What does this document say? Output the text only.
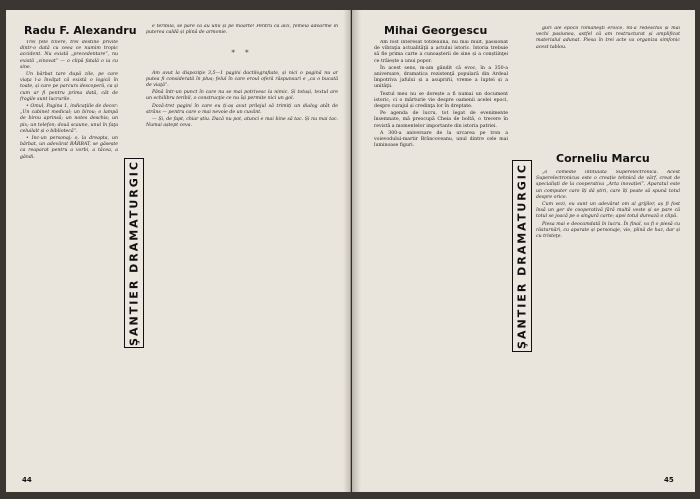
Radu F. Alexandru

Trei fete tinere, trei destine privite dintr-o dată cu ceea ce numim tropic accident. Nu există „precedentare”, nu există „vinovat” — o clipă fatală o ia cu sine.

Un bărbat tare după zile, pe care viaţa l-a învăţat că există o logică în toate, și care pe parcurs descoperă, ca și cum ar fi pentru prima dată, cât de fragile sunt lucrurile.

• Omul, Pagina 1, indicaţiile de decor: „Un cabinet medical; un birou; o lampă de birou aprinsă; un notes deschis; un pix; un telefon; două scaune, unul în faţa celuilalt și o bibliotecă”.

• Inc-un personaj: o, la dreapta, un bărbat, un adevărat BĂRBAT, se găsește ca reaparat pentru a vorbi, a tăcea, a gândi.

ŞANTIER DRAMATURGIC

e teribilă, se pare că au unii și pe moarte! Pentru că aici, femeia adoarme în puterea caldă și plină de armonie.

* *

Am avut la dispoziţie 3,5—1 pagini dactilografiate, și nici o pagină nu ar putea fi considerată în plus; felul în care eroul oferă răspunsuri e „ca o bucată de viaţă”.

Până într-un punct în care nu se mai potrivesc la nimic. Și totuși, textul are un echilibru teribil, o construcţie ce nu își permite nici un gol.

Doză-tret pagini în care eu ți-aș avut prilejul să trimiți un dialog atât de strâns — pentru care o mai nevoie de un cuvânt.

— Și, de fapt, chiar știu. Dacă nu pot, atunci e mai bine să tac. Și nu mai tac. Numai aștept ceva.

44
Mihai Georgescu

Am fost interesat totdeauna, nu mai mult, passionat de vibraţia actualităţii a actului istoric. Istoria trebuie să fie prima carte a cunoașterii de sine și a conștiinţei ce trăiește a unui popor.

În acest sens, m-am gândit că evoc, în a 350-a aniversare, dramatica rezistenţă populară din Ardeal împotriva jafului și a asupririi, vreme a luptei și a unităţii.

Textul meu nu se dorește a fi numai un document istoric, ci o mărturie vie despre oamenii acelei epoci, despre curajul și credinţa lor în dreptate.

Pe agenda de lucru, tot legat de evenimente însemnate, mă preocupă Cheia de boltă, o trecere în revistă a momentelor importante din istoria patriei.

A 300-a aniversare de la urcarea pe tron a voievodului-martir Brâncoveanu, unul dintre cele mai luminoase figuri.

ŞANTIER DRAMATURGIC

guri ale epocii româneşti eroice, mi-a redeschis și mai vechi pasiunea, astfel că am restructurat și amplificat materialul adunat. Piesa în trei acte va organiza simfonic acest tablou.

Corneliu Marcu

„o comedie intitulată Superelectronica. Acest Superelectronicus este o creație tehnică de vârf, creat de specialiști de la cooperativa „Arta inovației”. Aparatul este un computer care îți dă știri, care îți poate să spună totul despre orice.

Cum vezi, eu sunt un adevărat om al grijilor, aș fi fost însă un ger de cooperativă fără multă veste și se pare că totul se joacă pe o singură carte; apoi totul durează o clipă.

Piesa mai e deocamdată în lucru. În final, va fi o piesă cu răsturnări, cu aparate și personaje, vie, plină de haz, dar și cu tristeţe.

45
